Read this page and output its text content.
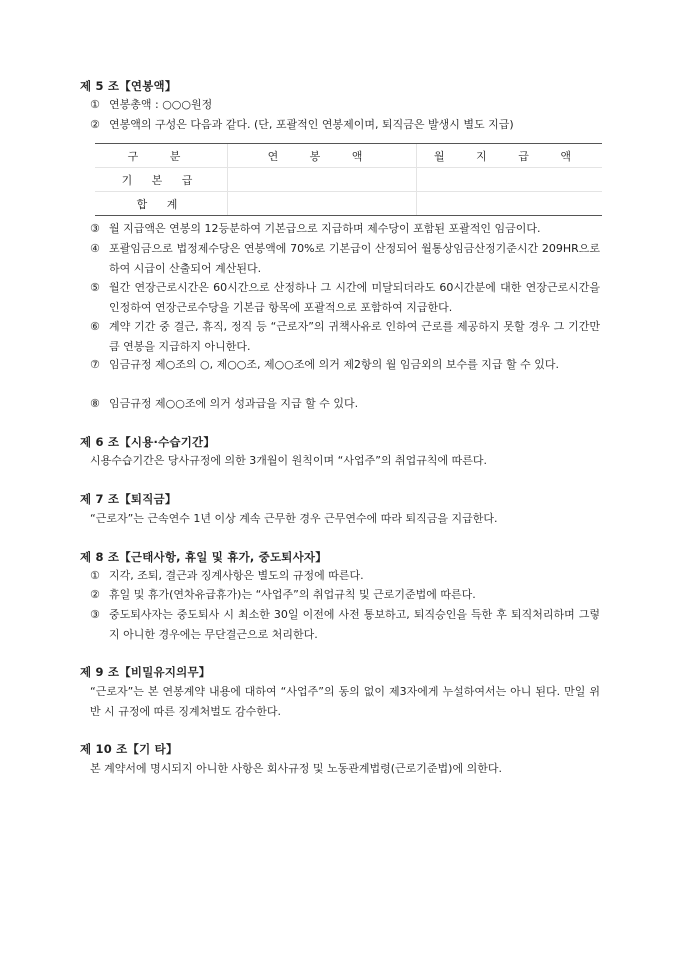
제 5 조【연봉액】
① 연봉총액 : ○○○원정
② 연봉액의 구성은 다음과 같다. (단, 포괄적인 연봉제이며, 퇴직금은 발생시 별도 지급)
구 분	연 봉 액	월 지 급 액
기 본 급		
합 계		
③ 월 지급액은 연봉의 12등분하여 기본급으로 지급하며 제수당이 포함된 포괄적인 임금이다.
④ 포괄임금으로 법정제수당은 연봉액에 70%로 기본급이 산정되어 월통상임금산정기준시간 209HR으로 하여 시급이 산출되어 계산된다.
⑤ 월간 연장근로시간은 60시간으로 산정하나 그 시간에 미달되더라도 60시간분에 대한 연장근로시간을 인정하여 연장근로수당을 기본급 항목에 포괄적으로 포함하여 지급한다.
⑥ 계약 기간 중 결근, 휴직, 정직 등 “근로자”의 귀책사유로 인하여 근로를 제공하지 못할 경우 그 기간만큼 연봉을 지급하지 아니한다.
⑦ 임금규정 제○조의 ○, 제○○조, 제○○조에 의거 제2항의 월 임금외의 보수를 지급 할 수 있다.
⑧ 임금규정 제○○조에 의거 성과급을 지급 할 수 있다.
제 6 조【시용·수습기간】
시용수습기간은 당사규정에 의한 3개월이 원칙이며 “사업주”의 취업규칙에 따른다.
제 7 조【퇴직금】
“근로자”는 근속연수 1년 이상 계속 근무한 경우 근무연수에 따라 퇴직금을 지급한다.
제 8 조【근태사항, 휴일 및 휴가, 중도퇴사자】
① 지각, 조퇴, 결근과 징계사항은 별도의 규정에 따른다.
② 휴일 및 휴가(연차유급휴가)는 “사업주”의 취업규칙 및 근로기준법에 따른다.
③ 중도퇴사자는 중도퇴사 시 최소한 30일 이전에 사전 통보하고, 퇴직승인을 득한 후 퇴직처리하며 그렇지 아니한 경우에는 무단결근으로 처리한다.
제 9 조【비밀유지의무】
“근로자”는 본 연봉계약 내용에 대하여 “사업주”의 동의 없이 제3자에게 누설하여서는 아니 된다. 만일 위반 시 규정에 따른 징계처벌도 감수한다.
제 10 조【기 타】
본 계약서에 명시되지 아니한 사항은 회사규정 및 노동관계법령(근로기준법)에 의한다.
